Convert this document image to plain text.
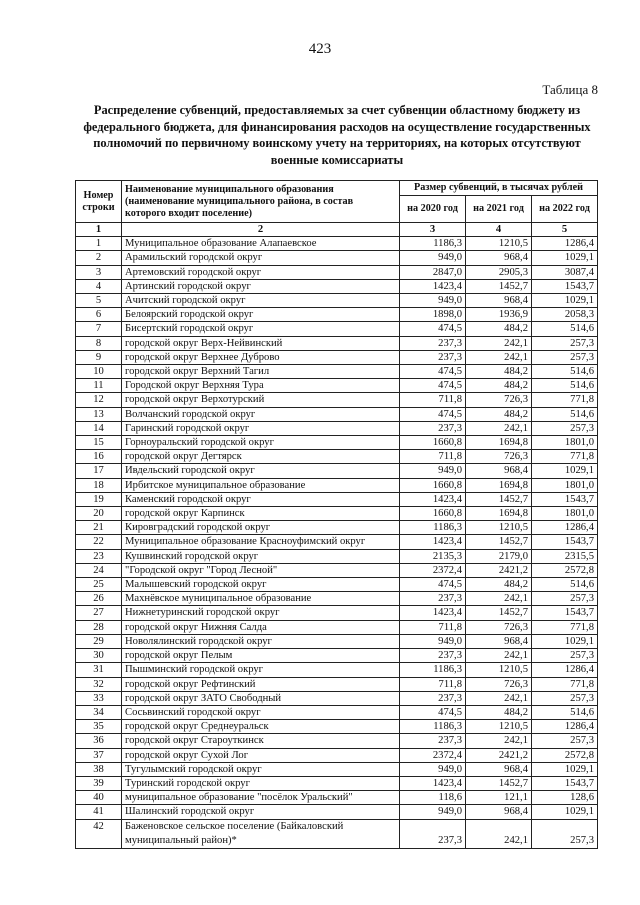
423
Таблица 8
Распределение субвенций, предоставляемых за счет субвенции областному бюджету из федерального бюджета, для финансирования расходов на осуществление государственных полномочий по первичному воинскому учету на территориях, на которых отсутствуют военные комиссариаты
Номер строки	Наименование муниципального образования (наименование муниципального района, в состав которого входит поселение)	Размер субвенций, в тысячах рублей		
		на 2020 год	на 2021 год	на 2022 год
1	2	3	4	5
1	Муниципальное образование Алапаевское	1186,3	1210,5	1286,4
2	Арамильский городской округ	949,0	968,4	1029,1
3	Артемовский городской округ	2847,0	2905,3	3087,4
4	Артинский городской округ	1423,4	1452,7	1543,7
5	Ачитский городской округ	949,0	968,4	1029,1
6	Белоярский городской округ	1898,0	1936,9	2058,3
7	Бисертский городской округ	474,5	484,2	514,6
8	городской округ Верх-Нейвинский	237,3	242,1	257,3
9	городской округ Верхнее Дуброво	237,3	242,1	257,3
10	городской округ Верхний Тагил	474,5	484,2	514,6
11	Городской округ Верхняя Тура	474,5	484,2	514,6
12	городской округ Верхотурский	711,8	726,3	771,8
13	Волчанский городской округ	474,5	484,2	514,6
14	Гаринский городской округ	237,3	242,1	257,3
15	Горноуральский городской округ	1660,8	1694,8	1801,0
16	городской округ Дегтярск	711,8	726,3	771,8
17	Ивдельский городской округ	949,0	968,4	1029,1
18	Ирбитское муниципальное образование	1660,8	1694,8	1801,0
19	Каменский городской округ	1423,4	1452,7	1543,7
20	городской округ Карпинск	1660,8	1694,8	1801,0
21	Кировградский городской округ	1186,3	1210,5	1286,4
22	Муниципальное образование Красноуфимский округ	1423,4	1452,7	1543,7
23	Кушвинский городской округ	2135,3	2179,0	2315,5
24	"Городской округ "Город Лесной"	2372,4	2421,2	2572,8
25	Малышевский городской округ	474,5	484,2	514,6
26	Махнёвское муниципальное образование	237,3	242,1	257,3
27	Нижнетуринский городской округ	1423,4	1452,7	1543,7
28	городской округ Нижняя Салда	711,8	726,3	771,8
29	Новолялинский городской округ	949,0	968,4	1029,1
30	городской округ Пелым	237,3	242,1	257,3
31	Пышминский городской округ	1186,3	1210,5	1286,4
32	городской округ Рефтинский	711,8	726,3	771,8
33	городской округ ЗАТО Свободный	237,3	242,1	257,3
34	Сосьвинский городской округ	474,5	484,2	514,6
35	городской округ Среднеуральск	1186,3	1210,5	1286,4
36	городской округ Староуткинск	237,3	242,1	257,3
37	городской округ Сухой Лог	2372,4	2421,2	2572,8
38	Тугулымский городской округ	949,0	968,4	1029,1
39	Туринский городской округ	1423,4	1452,7	1543,7
40	муниципальное образование "посёлок Уральский"	118,6	121,1	128,6
41	Шалинский городской округ	949,0	968,4	1029,1
42	Баженовское сельское поселение (Байкаловский муниципальный район)*	237,3	242,1	257,3
